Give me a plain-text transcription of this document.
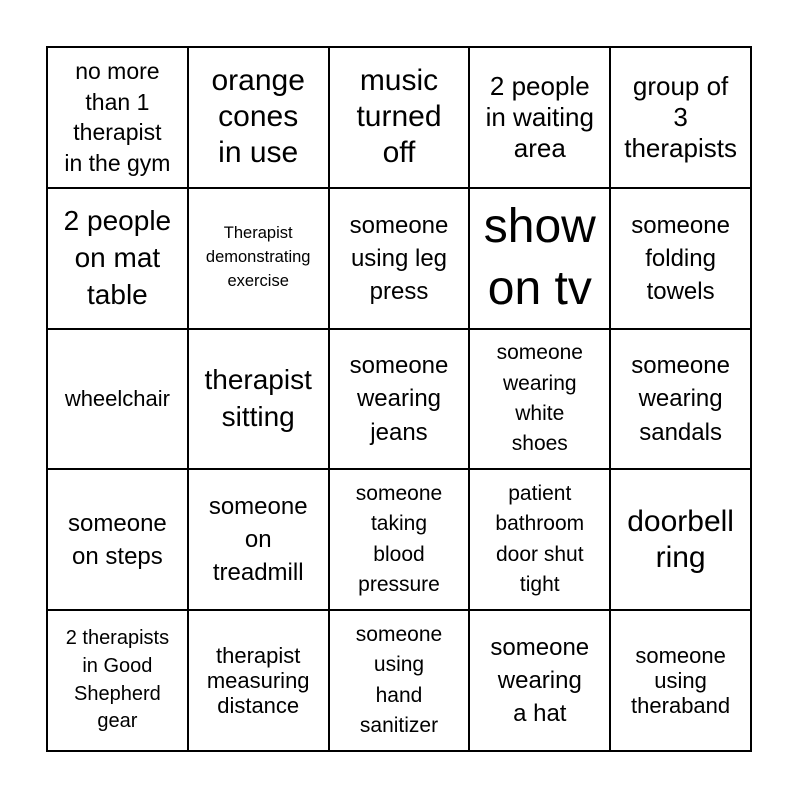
no more
than 1
therapist
in the gym
orange
cones
in use
music
turned
off
2 people
in waiting
area
group of
3
therapists
2 people
on mat
table
Therapist
demonstrating
exercise
someone
using leg
press
show
on tv
someone
folding
towels
wheelchair
therapist
sitting
someone
wearing
jeans
someone
wearing
white
shoes
someone
wearing
sandals
someone
on steps
someone
on
treadmill
someone
taking
blood
pressure
patient
bathroom
door shut
tight
doorbell
ring
2 therapists
in Good
Shepherd
gear
therapist
measuring
distance
someone
using
hand
sanitizer
someone
wearing
a hat
someone
using
theraband
